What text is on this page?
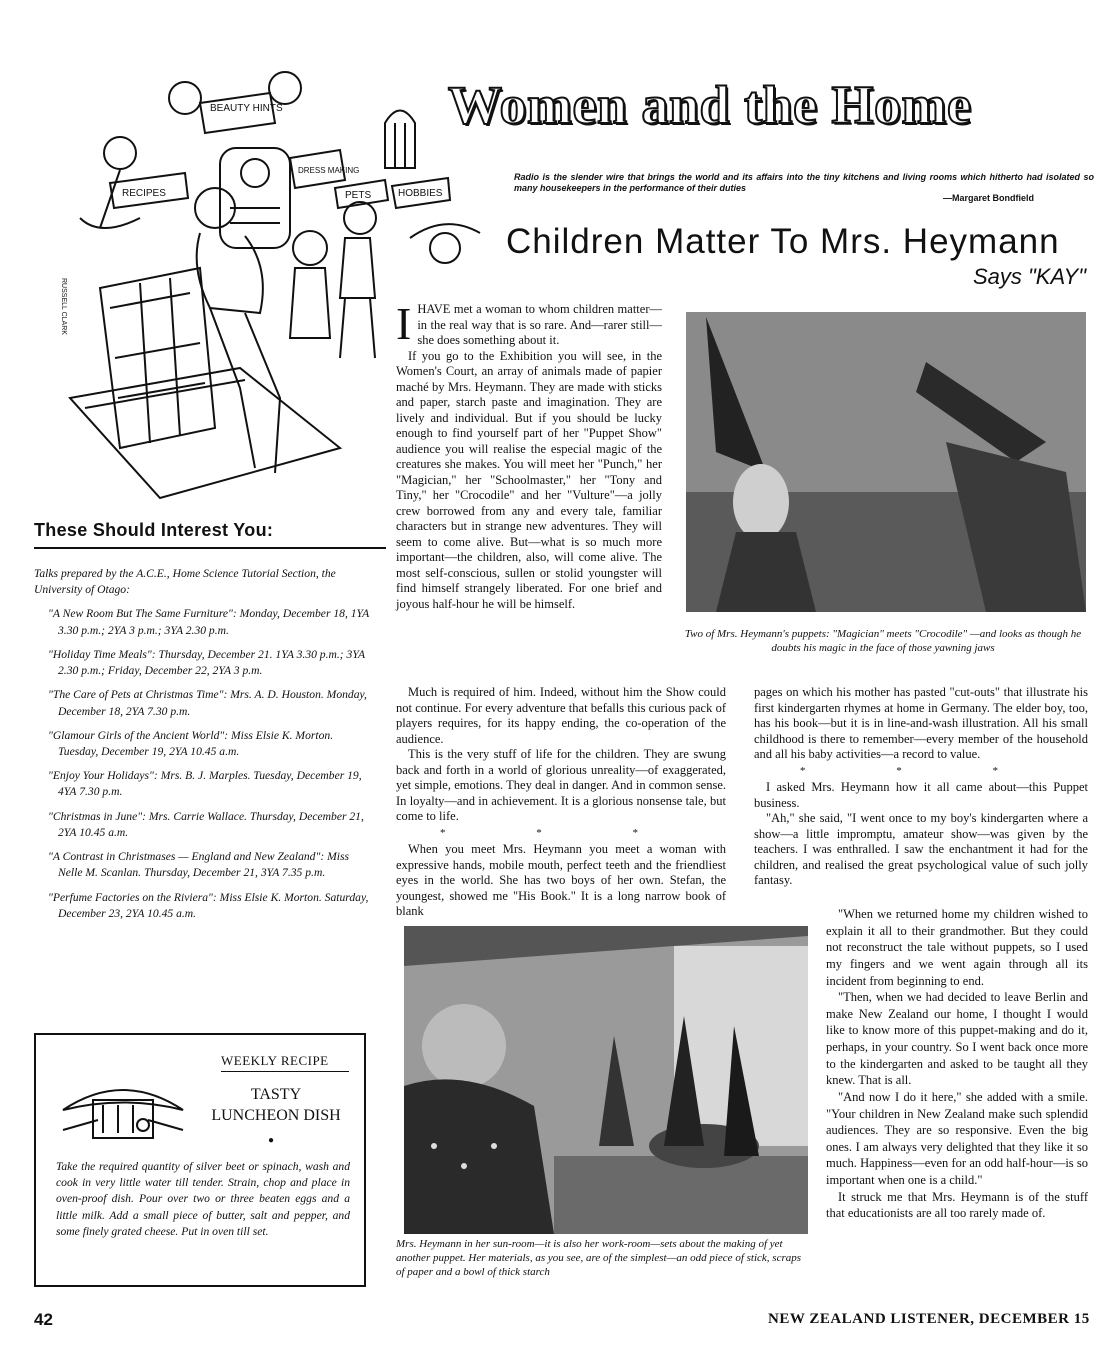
BEAUTY HINTS
DRESS MAKING
RECIPES	PETS	HOBBIES
RUSSELL CLARK
Women and the Home
Radio is the slender wire that brings the world and its affairs into the tiny kitchens and living rooms which hitherto had isolated so many housekeepers in the performance of their duties
—Margaret Bondfield
Children Matter To Mrs. Heymann
Says "KAY"
I HAVE met a woman to whom children matter—in the real way that is so rare. And—rarer still—she does something about it.

If you go to the Exhibition you will see, in the Women's Court, an array of animals made of papier maché by Mrs. Heymann. They are made with sticks and paper, starch paste and imagination. They are lively and individual. But if you should be lucky enough to find yourself part of her "Puppet Show" audience you will realise the especial magic of the creatures she makes. You will meet her "Punch," her "Magician," her "Schoolmaster," her "Tony and Tiny," her "Crocodile" and her "Vulture"—a jolly crew borrowed from any and every tale, familiar characters but in strange new adventures. They will seem to come alive. But—what is so much more important—the children, also, will come alive. The most self-conscious, sullen or stolid youngster will find himself strangely liberated. For one brief and joyous half-hour he will be himself.

Much is required of him. Indeed, without him the Show could not continue. For every adventure that befalls this curious pack of players requires, for its happy ending, the co-operation of the audience.

This is the very stuff of life for the children. They are swung back and forth in a world of glorious unreality—of exaggerated, yet simple, emotions. They deal in danger. And in common sense. In loyalty—and in achievement. It is a glorious nonsense tale, but come to life.

* * *

When you meet Mrs. Heymann you meet a woman with expressive hands, mobile mouth, perfect teeth and the friendliest eyes in the world. She has two boys of her own. Stefan, the youngest, showed me "His Book." It is a long narrow book of blank

Two of Mrs. Heymann's puppets: "Magician" meets "Crocodile" —and looks as though he doubts his magic in the face of those yawning jaws

pages on which his mother has pasted "cut-outs" that illustrate his first kindergarten rhymes at home in Germany. The elder boy, too, has his book—but it is in line-and-wash illustration. All his small childhood is there to remember—every member of the household and all his baby activities—a record to value.

* * *

I asked Mrs. Heymann how it all came about—this Puppet business.

"Ah," she said, "I went once to my boy's kindergarten where a show—a little impromptu, amateur show—was given by the teachers. I was enthralled. I saw the enchantment it had for the children, and realised the great psychological value of such jolly fantasy.

Mrs. Heymann in her sun-room—it is also her work-room—sets about the making of yet another puppet. Her materials, as you see, are of the simplest—an odd piece of stick, scraps of paper and a bowl of thick starch

"When we returned home my children wished to explain it all to their grandmother. But they could not reconstruct the tale without puppets, so I used my fingers and we went again through all its incident from beginning to end.

"Then, when we had decided to leave Berlin and make New Zealand our home, I thought I would like to know more of this puppet-making and do it, perhaps, in your country. So I went back once more to the kindergarten and asked to be taught all they knew. That is all.

"And now I do it here," she added with a smile. "Your children in New Zealand make such splendid audiences. They are so responsive. Even the big ones. I am always very delighted that they like it so much. Happiness—even for an odd half-hour—is so important when one is a child."

It struck me that Mrs. Heymann is of the stuff that educationists are all too rarely made of.

These Should Interest You:

Talks prepared by the A.C.E., Home Science Tutorial Section, the University of Otago:

"A New Room But The Same Furniture": Monday, December 18, 1YA 3.30 p.m.; 2YA 3 p.m.; 3YA 2.30 p.m.

"Holiday Time Meals": Thursday, December 21. 1YA 3.30 p.m.; 3YA 2.30 p.m.; Friday, December 22, 2YA 3 p.m.

"The Care of Pets at Christmas Time": Mrs. A. D. Houston. Monday, December 18, 2YA 7.30 p.m.

"Glamour Girls of the Ancient World": Miss Elsie K. Morton. Tuesday, December 19, 2YA 10.45 a.m.

"Enjoy Your Holidays": Mrs. B. J. Marples. Tuesday, December 19, 4YA 7.30 p.m.

"Christmas in June": Mrs. Carrie Wallace. Thursday, December 21, 2YA 10.45 a.m.

"A Contrast in Christmases — England and New Zealand": Miss Nelle M. Scanlan. Thursday, December 21, 3YA 7.35 p.m.

"Perfume Factories on the Riviera": Miss Elsie K. Morton. Saturday, December 23, 2YA 10.45 a.m.

WEEKLY RECIPE
TASTY
LUNCHEON DISH
●
Take the required quantity of silver beet or spinach, wash and cook in very little water till tender. Strain, chop and place in oven-proof dish. Pour over two or three beaten eggs and a little milk. Add a small piece of butter, salt and pepper, and some finely grated cheese. Put in oven till set.
42	NEW ZEALAND LISTENER, DECEMBER 15
